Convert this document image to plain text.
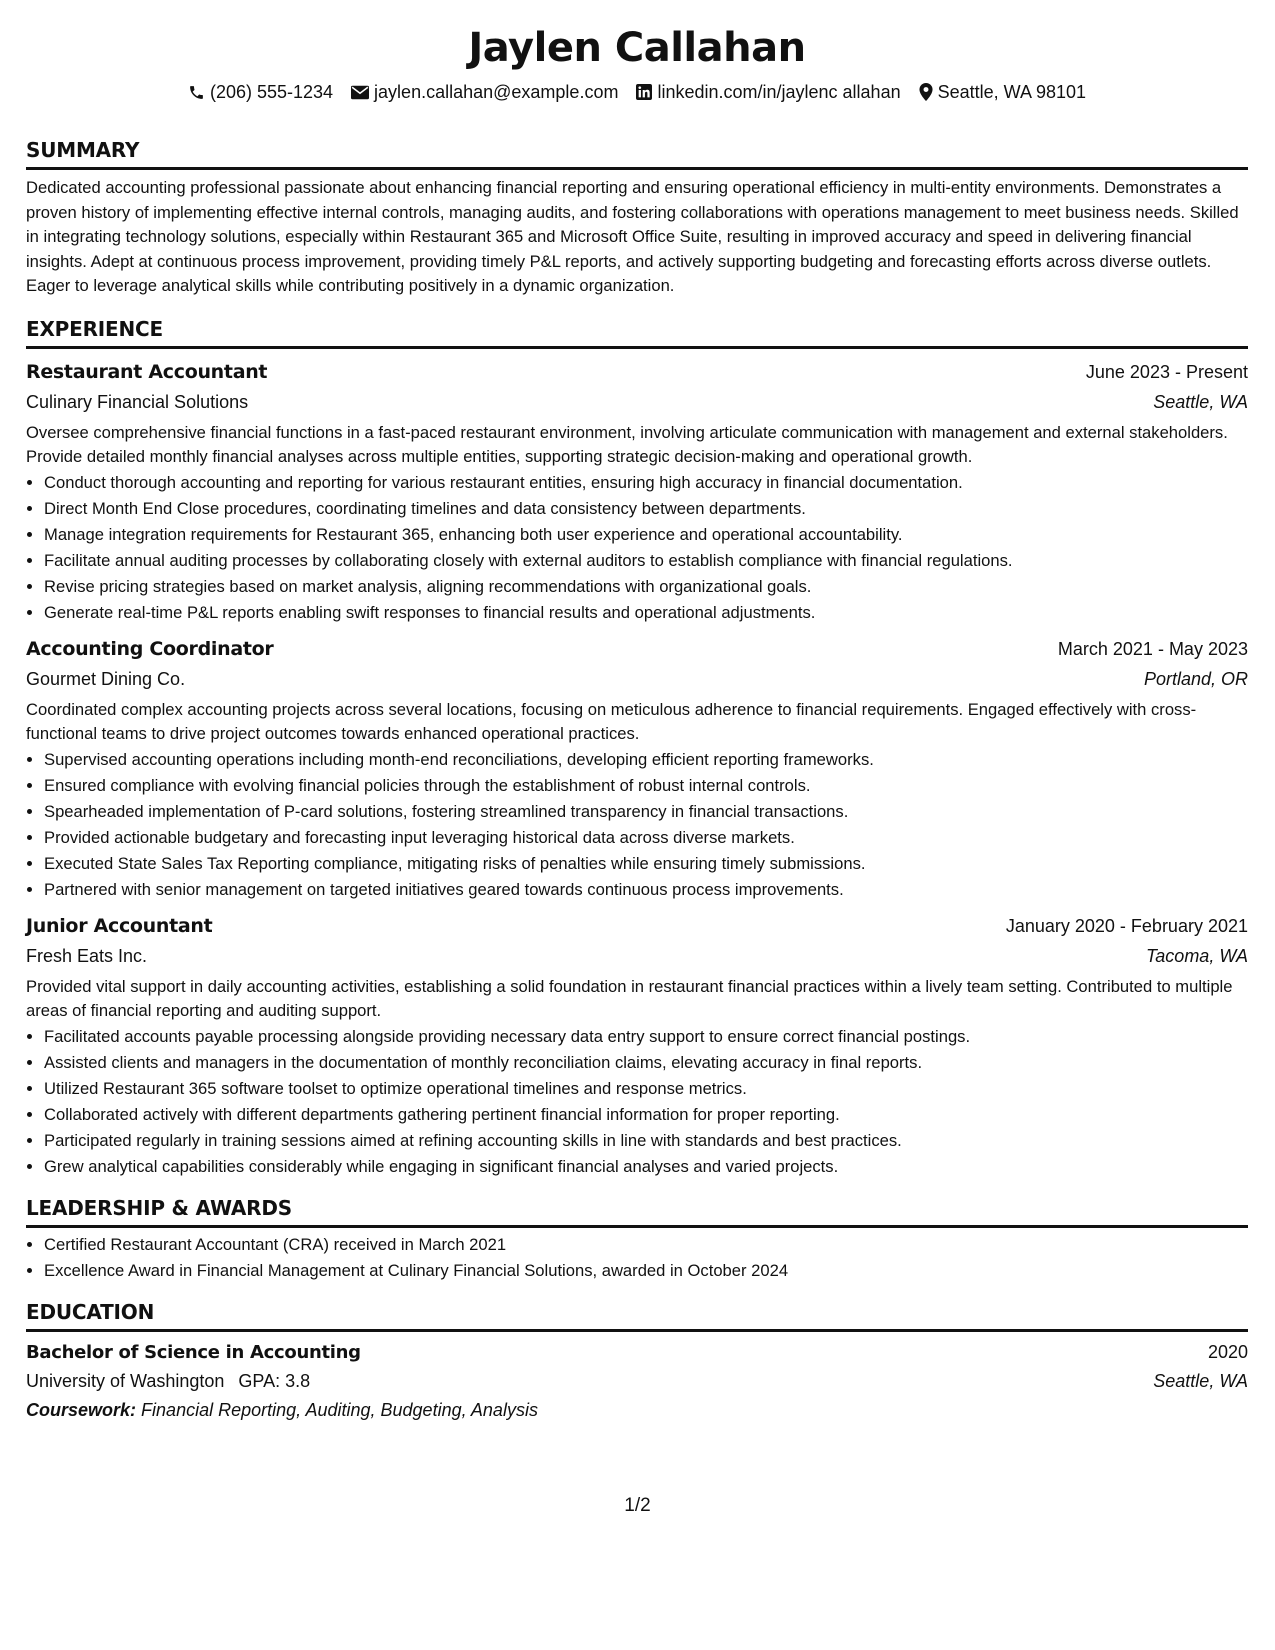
Jaylen Callahan
(206) 555-1234 jaylen.callahan@example.com linkedin.com/in/jaylenc allahan Seattle, WA 98101
SUMMARY
Dedicated accounting professional passionate about enhancing financial reporting and ensuring operational efficiency in multi-entity environments. Demonstrates a proven history of implementing effective internal controls, managing audits, and fostering collaborations with operations management to meet business needs. Skilled in integrating technology solutions, especially within Restaurant 365 and Microsoft Office Suite, resulting in improved accuracy and speed in delivering financial insights. Adept at continuous process improvement, providing timely P&L reports, and actively supporting budgeting and forecasting efforts across diverse outlets. Eager to leverage analytical skills while contributing positively in a dynamic organization.
EXPERIENCE
Restaurant Accountant	June 2023 - Present
Culinary Financial Solutions	Seattle, WA
Oversee comprehensive financial functions in a fast-paced restaurant environment, involving articulate communication with management and external stakeholders. Provide detailed monthly financial analyses across multiple entities, supporting strategic decision-making and operational growth.
• Conduct thorough accounting and reporting for various restaurant entities, ensuring high accuracy in financial documentation.
• Direct Month End Close procedures, coordinating timelines and data consistency between departments.
• Manage integration requirements for Restaurant 365, enhancing both user experience and operational accountability.
• Facilitate annual auditing processes by collaborating closely with external auditors to establish compliance with financial regulations.
• Revise pricing strategies based on market analysis, aligning recommendations with organizational goals.
• Generate real-time P&L reports enabling swift responses to financial results and operational adjustments.
Accounting Coordinator	March 2021 - May 2023
Gourmet Dining Co.	Portland, OR
Coordinated complex accounting projects across several locations, focusing on meticulous adherence to financial requirements. Engaged effectively with cross-functional teams to drive project outcomes towards enhanced operational practices.
• Supervised accounting operations including month-end reconciliations, developing efficient reporting frameworks.
• Ensured compliance with evolving financial policies through the establishment of robust internal controls.
• Spearheaded implementation of P-card solutions, fostering streamlined transparency in financial transactions.
• Provided actionable budgetary and forecasting input leveraging historical data across diverse markets.
• Executed State Sales Tax Reporting compliance, mitigating risks of penalties while ensuring timely submissions.
• Partnered with senior management on targeted initiatives geared towards continuous process improvements.
Junior Accountant	January 2020 - February 2021
Fresh Eats Inc.	Tacoma, WA
Provided vital support in daily accounting activities, establishing a solid foundation in restaurant financial practices within a lively team setting. Contributed to multiple areas of financial reporting and auditing support.
• Facilitated accounts payable processing alongside providing necessary data entry support to ensure correct financial postings.
• Assisted clients and managers in the documentation of monthly reconciliation claims, elevating accuracy in final reports.
• Utilized Restaurant 365 software toolset to optimize operational timelines and response metrics.
• Collaborated actively with different departments gathering pertinent financial information for proper reporting.
• Participated regularly in training sessions aimed at refining accounting skills in line with standards and best practices.
• Grew analytical capabilities considerably while engaging in significant financial analyses and varied projects.
LEADERSHIP & AWARDS
• Certified Restaurant Accountant (CRA) received in March 2021
• Excellence Award in Financial Management at Culinary Financial Solutions, awarded in October 2024
EDUCATION
Bachelor of Science in Accounting	2020
University of Washington GPA: 3.8	Seattle, WA
Coursework: Financial Reporting, Auditing, Budgeting, Analysis
1/2
